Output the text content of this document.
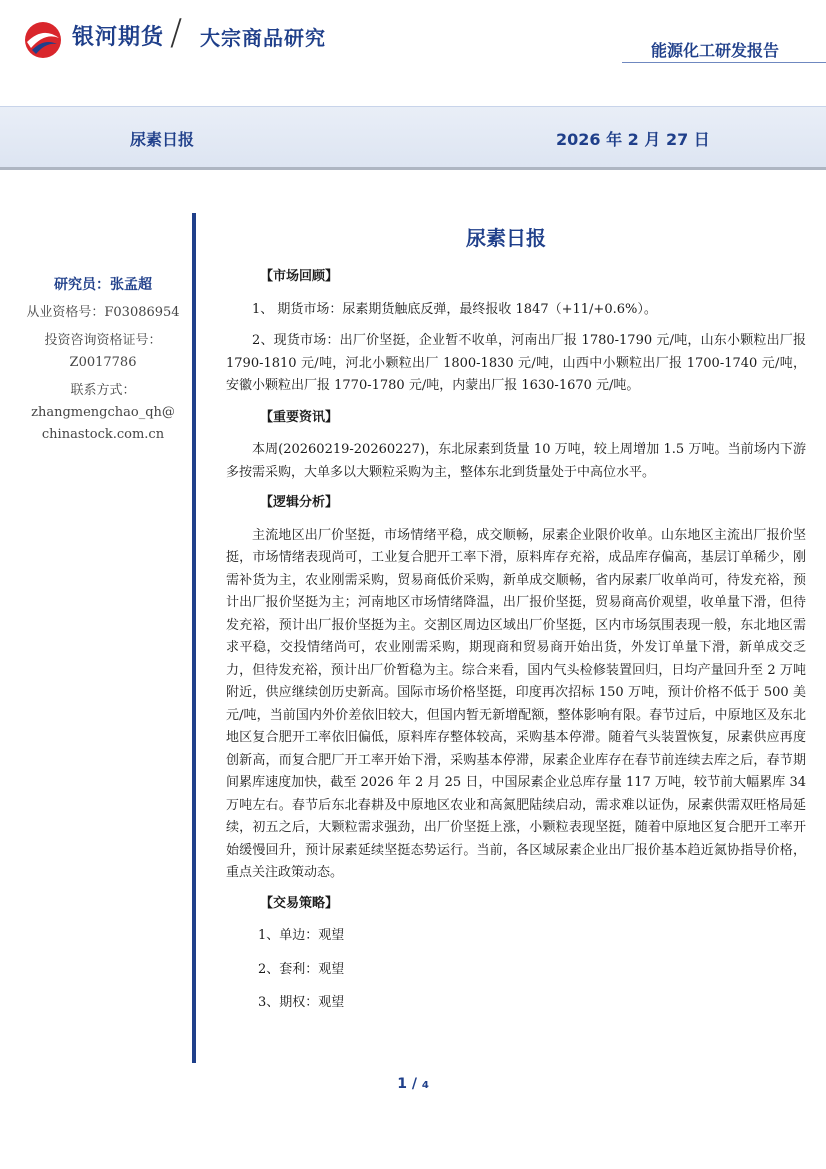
银河期货 / 大宗商品研究
能源化工研发报告
尿素日报	2026 年 2 月 27 日
研究员：张孟超
从业资格号：F03086954
投资咨询资格证号：
Z0017786
联系方式：
zhangmengchao_qh@
chinastock.com.cn
尿素日报
【市场回顾】

1、 期货市场：尿素期货触底反弹，最终报收 1847（+11/+0.6%）。

2、现货市场：出厂价坚挺，企业暂不收单，河南出厂报 1780-1790 元/吨，山东小颗粒出厂报 1790-1810 元/吨，河北小颗粒出厂 1800-1830 元/吨，山西中小颗粒出厂报 1700-1740 元/吨，安徽小颗粒出厂报 1770-1780 元/吨，内蒙出厂报 1630-1670 元/吨。

【重要资讯】

本周(20260219-20260227)，东北尿素到货量 10 万吨，较上周增加 1.5 万吨。当前场内下游多按需采购，大单多以大颗粒采购为主，整体东北到货量处于中高位水平。

【逻辑分析】

主流地区出厂价坚挺，市场情绪平稳，成交顺畅，尿素企业限价收单。山东地区主流出厂报价坚挺，市场情绪表现尚可，工业复合肥开工率下滑，原料库存充裕，成品库存偏高，基层订单稀少，刚需补货为主，农业刚需采购，贸易商低价采购，新单成交顺畅，省内尿素厂收单尚可，待发充裕，预计出厂报价坚挺为主；河南地区市场情绪降温，出厂报价坚挺，贸易商高价观望，收单量下滑，但待发充裕，预计出厂报价坚挺为主。交割区周边区域出厂价坚挺，区内市场氛围表现一般，东北地区需求平稳，交投情绪尚可，农业刚需采购，期现商和贸易商开始出货，外发订单量下滑，新单成交乏力，但待发充裕，预计出厂价暂稳为主。综合来看，国内气头检修装置回归，日均产量回升至 2 万吨附近，供应继续创历史新高。国际市场价格坚挺，印度再次招标 150 万吨，预计价格不低于 500 美元/吨，当前国内外价差依旧较大，但国内暂无新增配额，整体影响有限。春节过后，中原地区及东北地区复合肥开工率依旧偏低，原料库存整体较高，采购基本停滞。随着气头装置恢复，尿素供应再度创新高，而复合肥厂开工率开始下滑，采购基本停滞，尿素企业库存在春节前连续去库之后，春节期间累库速度加快，截至 2026 年 2 月 25 日，中国尿素企业总库存量 117 万吨，较节前大幅累库 34 万吨左右。春节后东北春耕及中原地区农业和高氮肥陆续启动，需求难以证伪，尿素供需双旺格局延续，初五之后，大颗粒需求强劲，出厂价坚挺上涨，小颗粒表现坚挺，随着中原地区复合肥开工率开始缓慢回升，预计尿素延续坚挺态势运行。当前，各区域尿素企业出厂报价基本趋近氮协指导价格，重点关注政策动态。

【交易策略】
1、单边：观望
2、套利：观望
3、期权：观望
1 / 4
